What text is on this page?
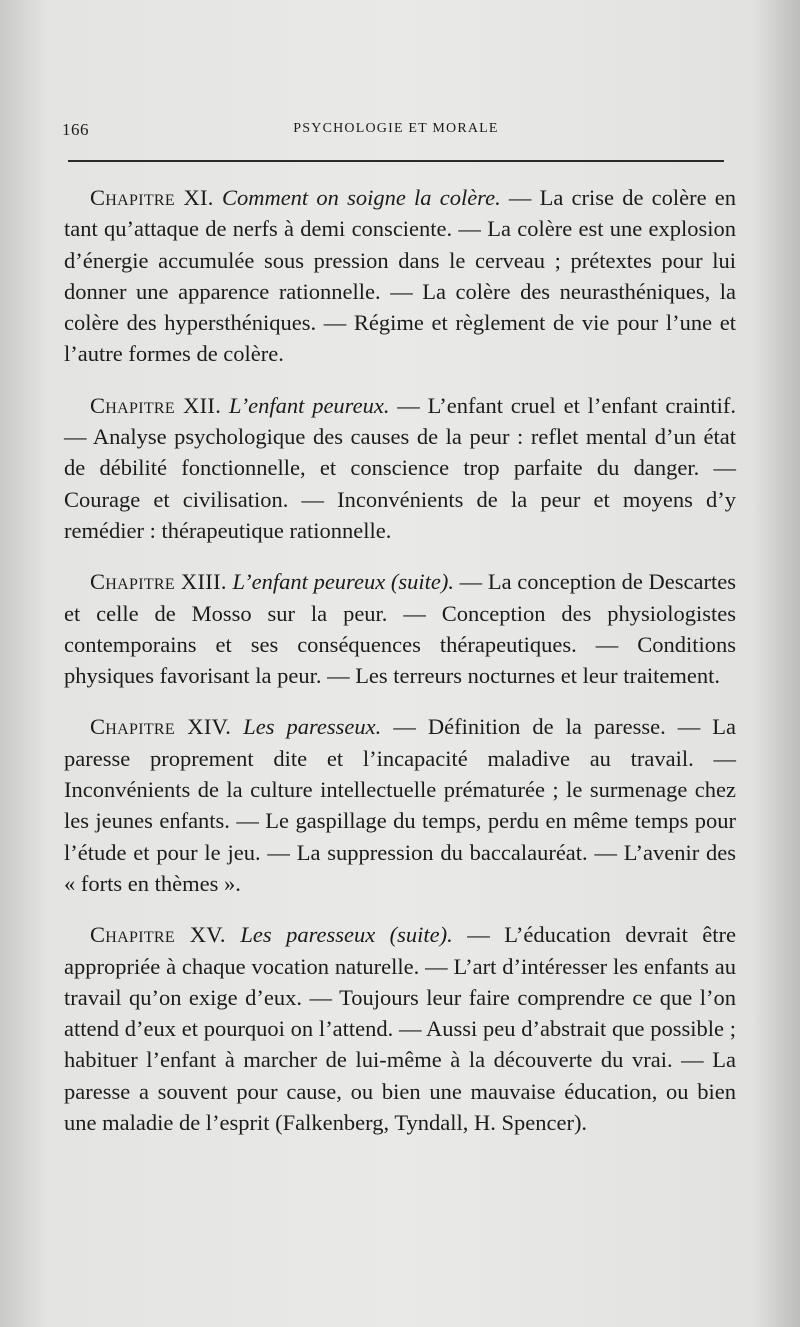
166	PSYCHOLOGIE ET MORALE

Chapitre XI. Comment on soigne la colère. — La crise de colère en tant qu’attaque de nerfs à demi consciente. — La colère est une explosion d’énergie accumulée sous pression dans le cerveau ; prétextes pour lui donner une apparence rationnelle. — La colère des neurasthéniques, la colère des hypersthéniques. — Régime et règlement de vie pour l’une et l’autre formes de colère.

Chapitre XII. L’enfant peureux. — L’enfant cruel et l’enfant craintif. — Analyse psychologique des causes de la peur : reflet mental d’un état de débilité fonctionnelle, et conscience trop parfaite du danger. — Courage et civilisation. — Inconvénients de la peur et moyens d’y remédier : thérapeutique rationnelle.

Chapitre XIII. L’enfant peureux (suite). — La conception de Descartes et celle de Mosso sur la peur. — Conception des physiologistes contemporains et ses conséquences thérapeutiques. — Conditions physiques favorisant la peur. — Les terreurs nocturnes et leur traitement.

Chapitre XIV. Les paresseux. — Définition de la paresse. — La paresse proprement dite et l’incapacité maladive au travail. — Inconvénients de la culture intellectuelle prématurée ; le surmenage chez les jeunes enfants. — Le gaspillage du temps, perdu en même temps pour l’étude et pour le jeu. — La suppression du baccalauréat. — L’avenir des « forts en thèmes ».

Chapitre XV. Les paresseux (suite). — L’éducation devrait être appropriée à chaque vocation naturelle. — L’art d’intéresser les enfants au travail qu’on exige d’eux. — Toujours leur faire comprendre ce que l’on attend d’eux et pourquoi on l’attend. — Aussi peu d’abstrait que possible ; habituer l’enfant à marcher de lui-même à la découverte du vrai. — La paresse a souvent pour cause, ou bien une mauvaise éducation, ou bien une maladie de l’esprit (Falkenberg, Tyndall, H. Spencer).
